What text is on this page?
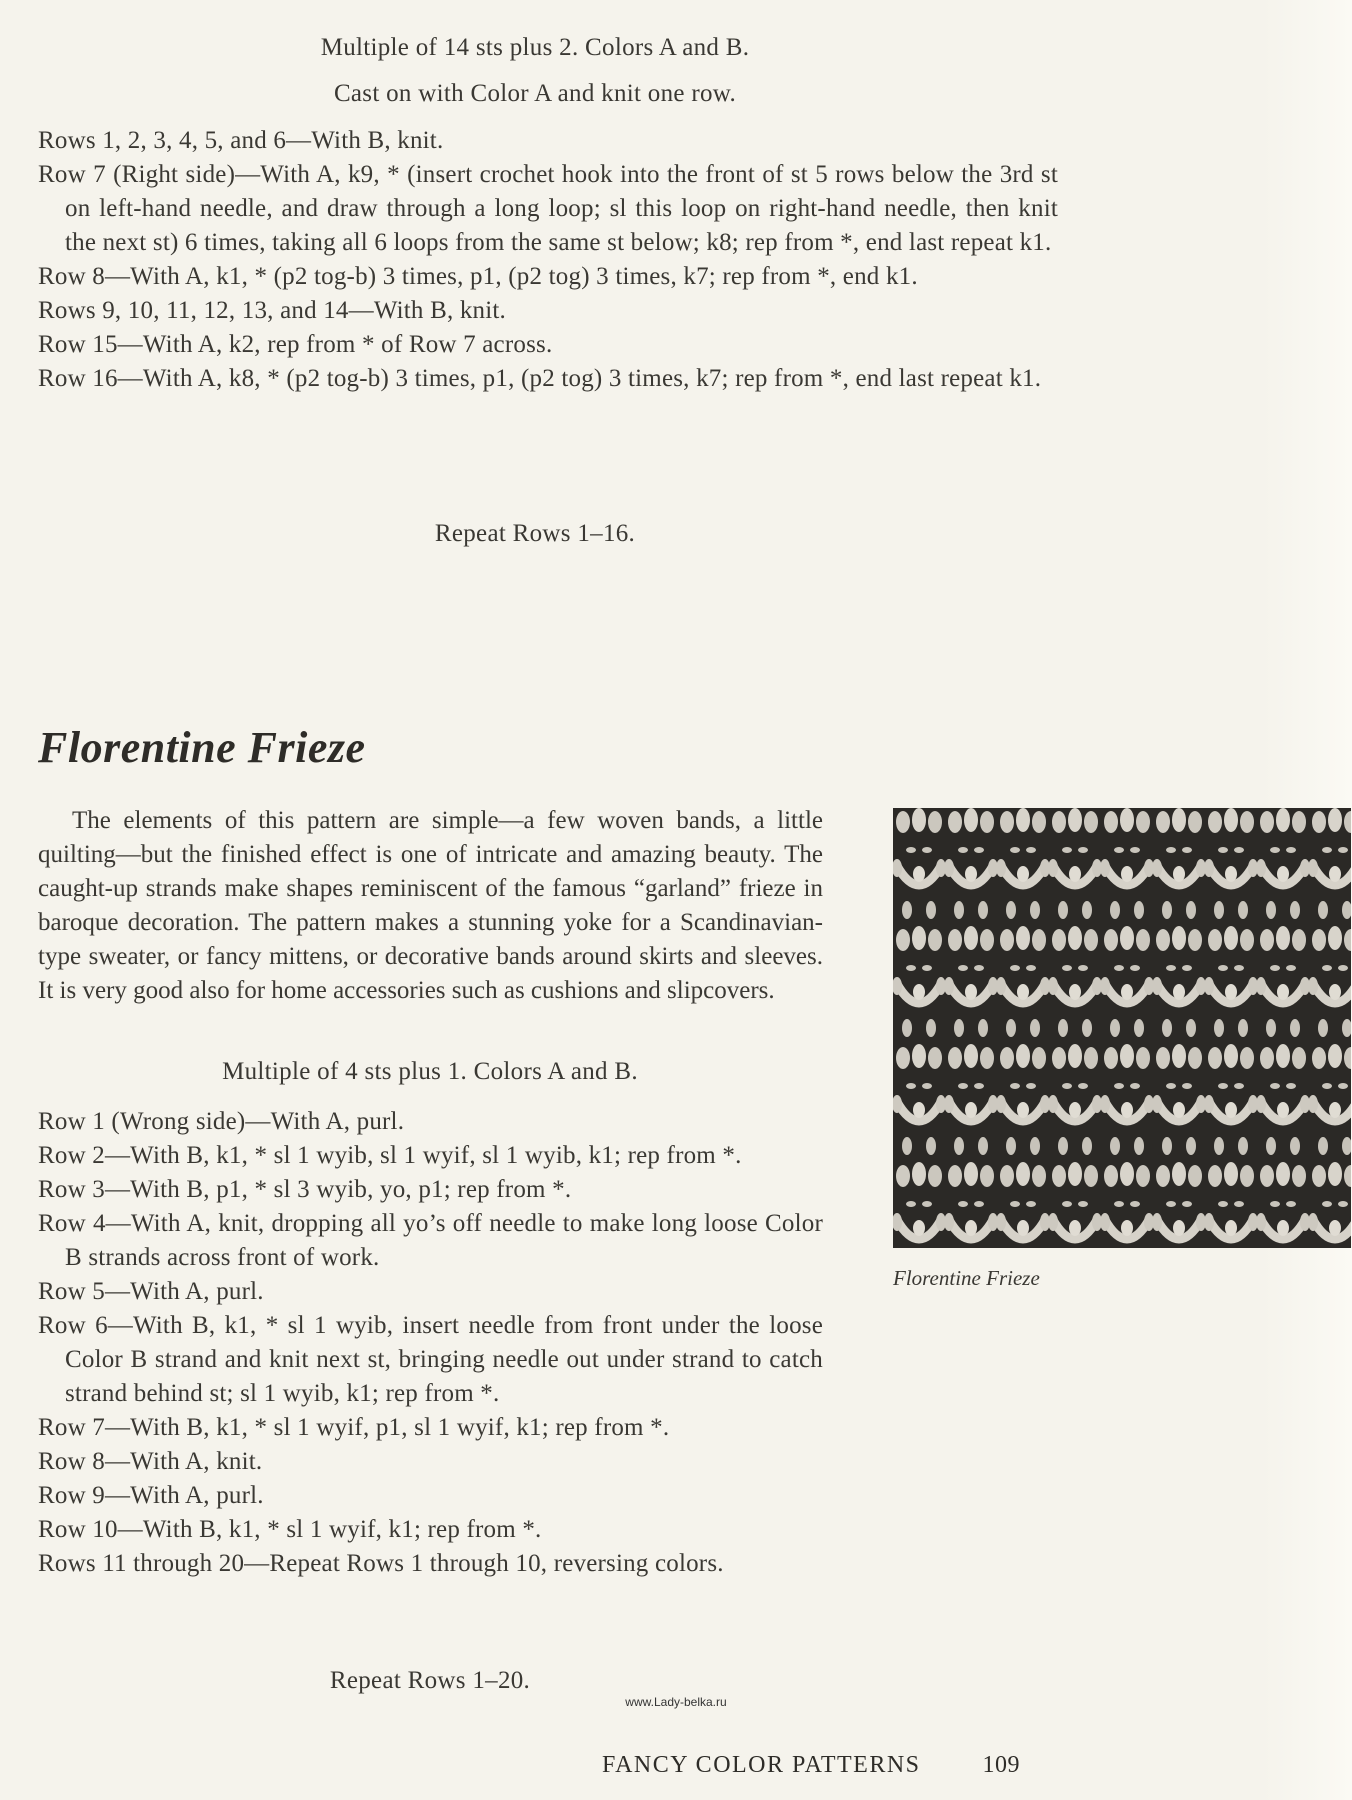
Multiple of 14 sts plus 2. Colors A and B.
Cast on with Color A and knit one row.
Rows 1, 2, 3, 4, 5, and 6—With B, knit.
Row 7 (Right side)—With A, k9, * (insert crochet hook into the front of st 5 rows below the 3rd st on left-hand needle, and draw through a long loop; sl this loop on right-hand needle, then knit the next st) 6 times, taking all 6 loops from the same st below; k8; rep from *, end last repeat k1.
Row 8—With A, k1, * (p2 tog-b) 3 times, p1, (p2 tog) 3 times, k7; rep from *, end k1.
Rows 9, 10, 11, 12, 13, and 14—With B, knit.
Row 15—With A, k2, rep from * of Row 7 across.
Row 16—With A, k8, * (p2 tog-b) 3 times, p1, (p2 tog) 3 times, k7; rep from *, end last repeat k1.
Repeat Rows 1–16.
Florentine Frieze

The elements of this pattern are simple—a few woven bands, a little quilting—but the finished effect is one of intricate and amazing beauty. The caught-up strands make shapes reminiscent of the famous “garland” frieze in baroque decoration. The pattern makes a stunning yoke for a Scandinavian-type sweater, or fancy mittens, or decorative bands around skirts and sleeves. It is very good also for home accessories such as cushions and slipcovers.

Multiple of 4 sts plus 1. Colors A and B.
Row 1 (Wrong side)—With A, purl.
Row 2—With B, k1, * sl 1 wyib, sl 1 wyif, sl 1 wyib, k1; rep from *.
Row 3—With B, p1, * sl 3 wyib, yo, p1; rep from *.
Row 4—With A, knit, dropping all yo’s off needle to make long loose Color B strands across front of work.
Row 5—With A, purl.
Row 6—With B, k1, * sl 1 wyib, insert needle from front under the loose Color B strand and knit next st, bringing needle out under strand to catch strand behind st; sl 1 wyib, k1; rep from *.
Row 7—With B, k1, * sl 1 wyif, p1, sl 1 wyif, k1; rep from *.
Row 8—With A, knit.
Row 9—With A, purl.
Row 10—With B, k1, * sl 1 wyif, k1; rep from *.
Rows 11 through 20—Repeat Rows 1 through 10, reversing colors.
Repeat Rows 1–20.
Florentine Frieze
www.Lady-belka.ru
FANCY COLOR PATTERNS	109
